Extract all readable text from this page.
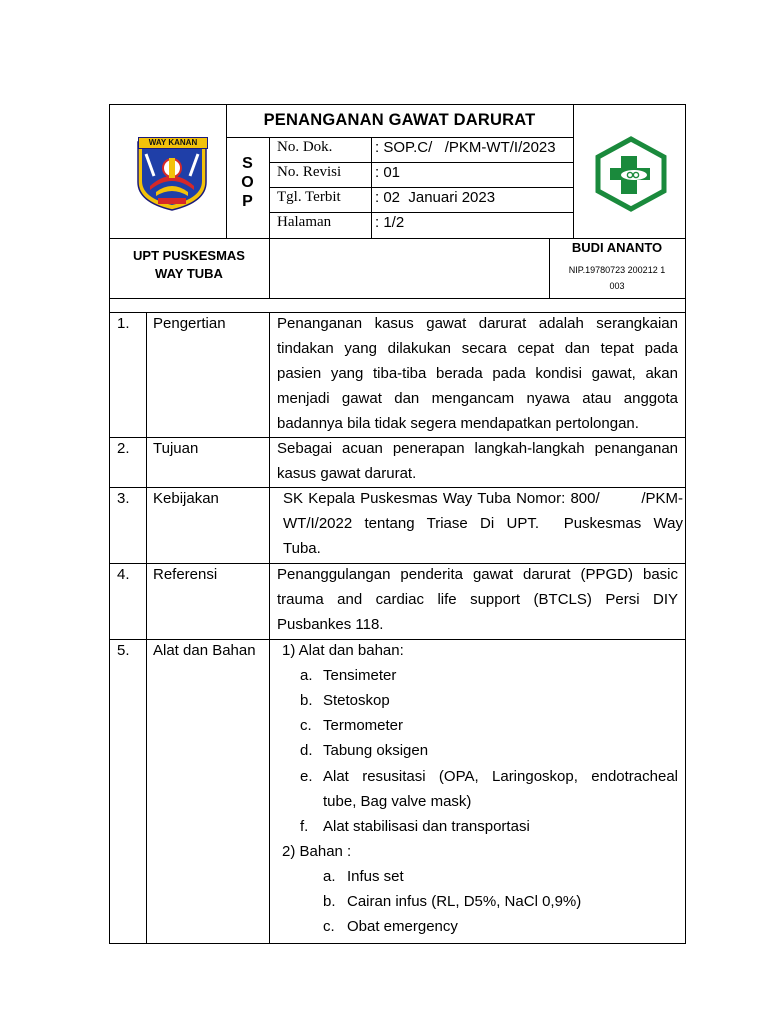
WAY KANAN
PENANGANAN GAWAT DARURAT
S
O
P
No. Dok.	: SOP.C/   /PKM-WT/I/2023
No. Revisi : 01
Tgl. Terbit : 02  Januari 2023
Halaman	: 1/2
UPT PUSKESMAS
WAY TUBA
BUDI ANANTO
NIP.19780723 200212 1
003
1. Pengertian	Penanganan kasus gawat darurat adalah serangkaian
tindakan yang dilakukan secara cepat dan tepat pada
pasien yang tiba-tiba berada pada kondisi gawat, akan
menjadi gawat dan mengancam nyawa atau anggota
badannya bila tidak segera mendapatkan pertolongan.
2. Tujuan	Sebagai acuan penerapan langkah-langkah penanganan
kasus gawat darurat.
3. Kebijakan	SK Kepala Puskesmas Way Tuba Nomor: 800/        /PKM-
WT/I/2022 tentang Triase Di UPT.  Puskesmas Way
Tuba.
4. Referensi	Penanggulangan penderita gawat darurat (PPGD) basic
trauma and cardiac life support (BTCLS) Persi DIY
Pusbankes 118.
5. Alat dan Bahan 1) Alat dan bahan:
a. Tensimeter
b. Stetoskop
c. Termometer
d. Tabung oksigen
e. Alat resusitasi (OPA, Laringoskop, endotracheal
tube, Bag valve mask)
f. Alat stabilisasi dan transportasi
2) Bahan :
a. Infus set
b. Cairan infus (RL, D5%, NaCl 0,9%)
c. Obat emergency
